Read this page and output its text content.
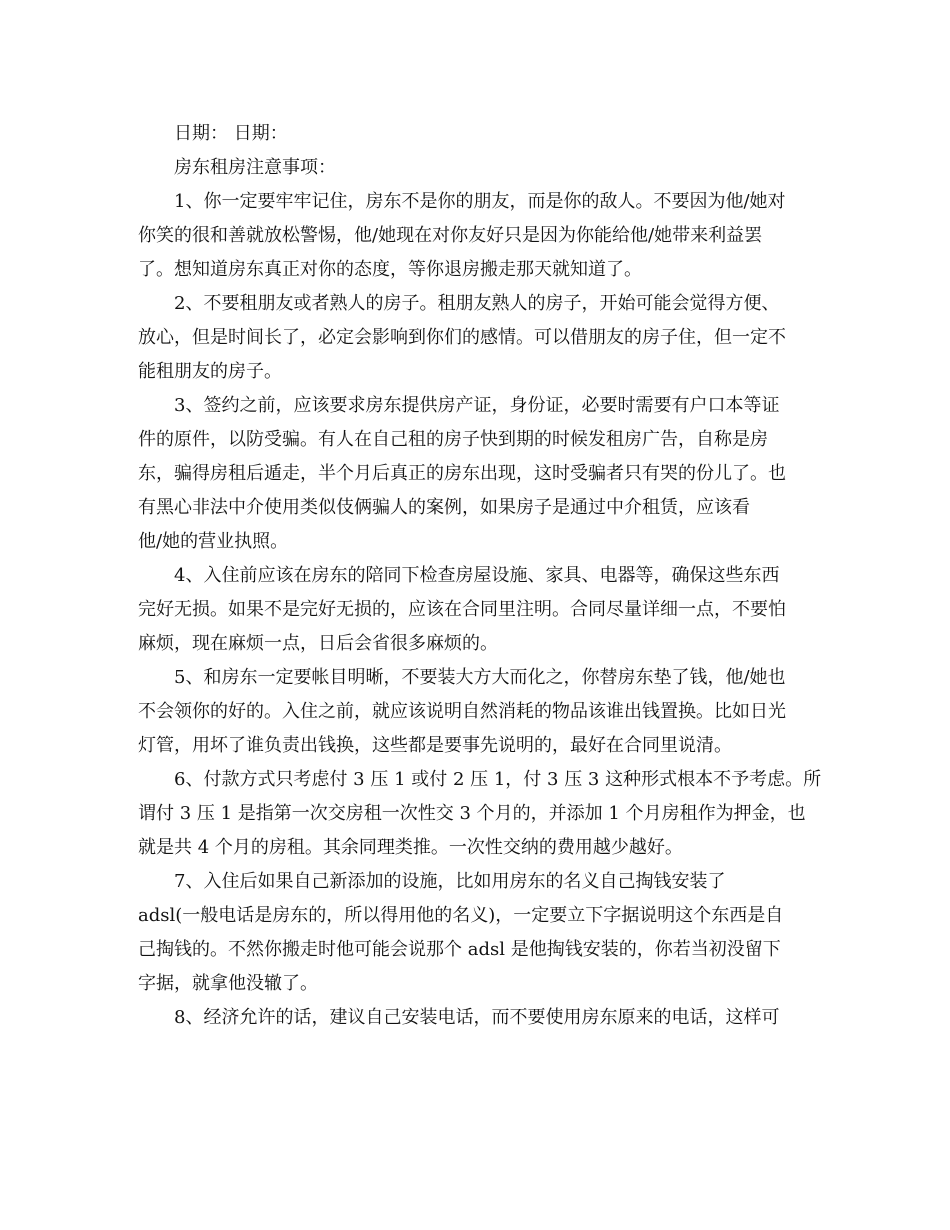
日期： 日期：

房东租房注意事项：

1、你一定要牢牢记住，房东不是你的朋友，而是你的敌人。不要因为他/她对
你笑的很和善就放松警惕，他/她现在对你友好只是因为你能给他/她带来利益罢
了。想知道房东真正对你的态度，等你退房搬走那天就知道了。
2、不要租朋友或者熟人的房子。租朋友熟人的房子，开始可能会觉得方便、
放心，但是时间长了，必定会影响到你们的感情。可以借朋友的房子住，但一定不
能租朋友的房子。
3、签约之前，应该要求房东提供房产证，身份证，必要时需要有户口本等证
件的原件，以防受骗。有人在自己租的房子快到期的时候发租房广告，自称是房
东，骗得房租后遁走，半个月后真正的房东出现，这时受骗者只有哭的份儿了。也
有黑心非法中介使用类似伎俩骗人的案例，如果房子是通过中介租赁，应该看
他/她的营业执照。
4、入住前应该在房东的陪同下检查房屋设施、家具、电器等，确保这些东西
完好无损。如果不是完好无损的，应该在合同里注明。合同尽量详细一点，不要怕
麻烦，现在麻烦一点，日后会省很多麻烦的。
5、和房东一定要帐目明晰，不要装大方大而化之，你替房东垫了钱，他/她也
不会领你的好的。入住之前，就应该说明自然消耗的物品该谁出钱置换。比如日光
灯管，用坏了谁负责出钱换，这些都是要事先说明的，最好在合同里说清。
6、付款方式只考虑付 3 压 1 或付 2 压 1，付 3 压 3 这种形式根本不予考虑。所
谓付 3 压 1 是指第一次交房租一次性交 3 个月的，并添加 1 个月房租作为押金，也
就是共 4 个月的房租。其余同理类推。一次性交纳的费用越少越好。
7、入住后如果自己新添加的设施，比如用房东的名义自己掏钱安装了
adsl(一般电话是房东的，所以得用他的名义)，一定要立下字据说明这个东西是自
己掏钱的。不然你搬走时他可能会说那个 adsl 是他掏钱安装的，你若当初没留下
字据，就拿他没辙了。
8、经济允许的话，建议自己安装电话，而不要使用房东原来的电话，这样可
